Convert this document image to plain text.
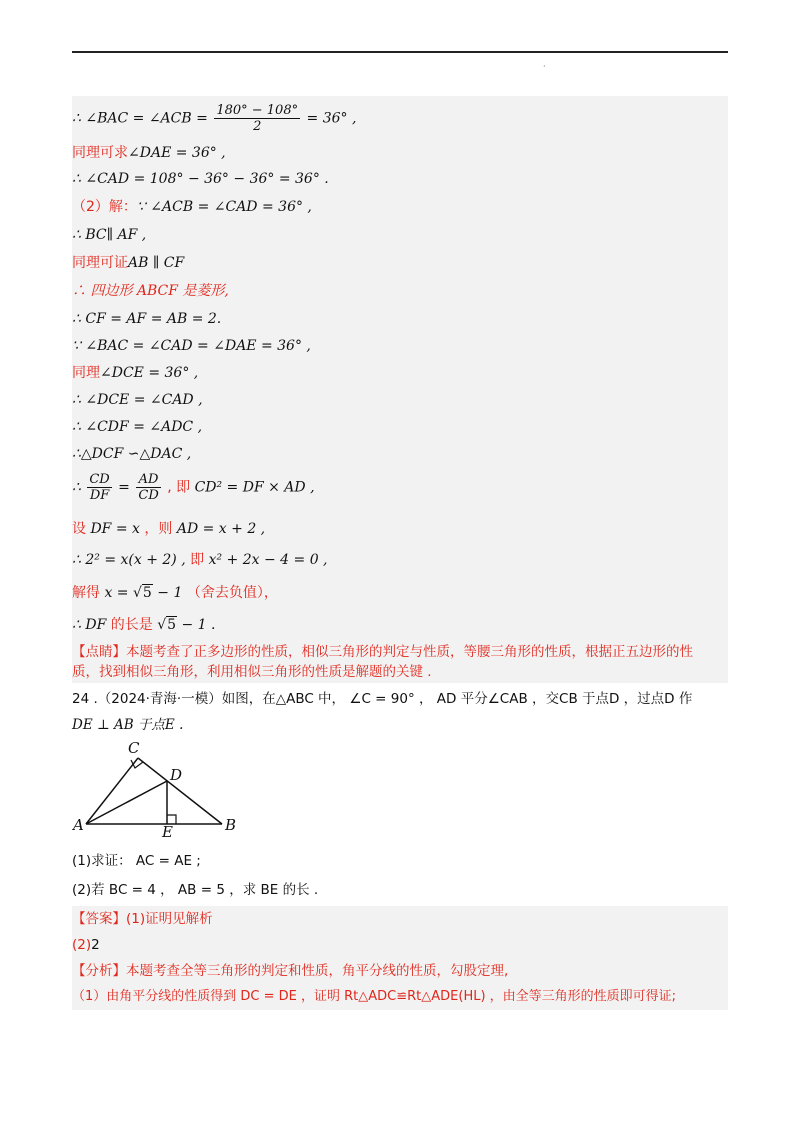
·
∴ ∠BAC = ∠ACB = $\frac{180^\circ - 108^\circ}{2} = 36^\circ$ ,
同理可求∠DAE = 36° ,
∴ ∠CAD = 108° − 36° − 36° = 36° .
（2）解：∵ ∠ACB = ∠CAD = 36° ,
∴ BC∥ AF ,
同理可证AB ∥ CF
∴ 四边形 ABCF 是菱形,
∴ CF = AF = AB = 2.
∵ ∠BAC = ∠CAD = ∠DAE = 36° ,
同理∠DCE = 36° ,
∴ ∠DCE = ∠CAD ,
∴ ∠CDF = ∠ADC ,
∴△DCF ∽△DAC ,
∴ $\frac{CD}{DF} = \frac{AD}{CD}$ , 即 CD² = DF × AD ,
设 DF = x ，则 AD = x + 2 ,
∴ 2² = x(x + 2) , 即 x² + 2x − 4 = 0 ,
解得 x = √5 − 1 （舍去负值），
∴ DF 的长是 √5 − 1 .
【点睛】本题考查了正多边形的性质，相似三角形的判定与性质，等腰三角形的性质，根据正五边形的性
质，找到相似三角形，利用相似三角形的性质是解题的关键 .
24 .（2024·青海·一模）如图，在△ABC 中， ∠C = 90° ， AD 平分∠CAB ，交CB 于点D ，过点D 作
DE ⊥ AB 于点E .
C
D
A	E	B
(1)求证： AC = AE ;
(2)若 BC = 4 ， AB = 5 ，求 BE 的长 .
【答案】(1)证明见解析
(2)2
【分析】本题考查全等三角形的判定和性质，角平分线的性质，勾股定理,
（1）由角平分线的性质得到 DC = DE ，证明 Rt△ADC≌Rt△ADE(HL) ，由全等三角形的性质即可得证;
